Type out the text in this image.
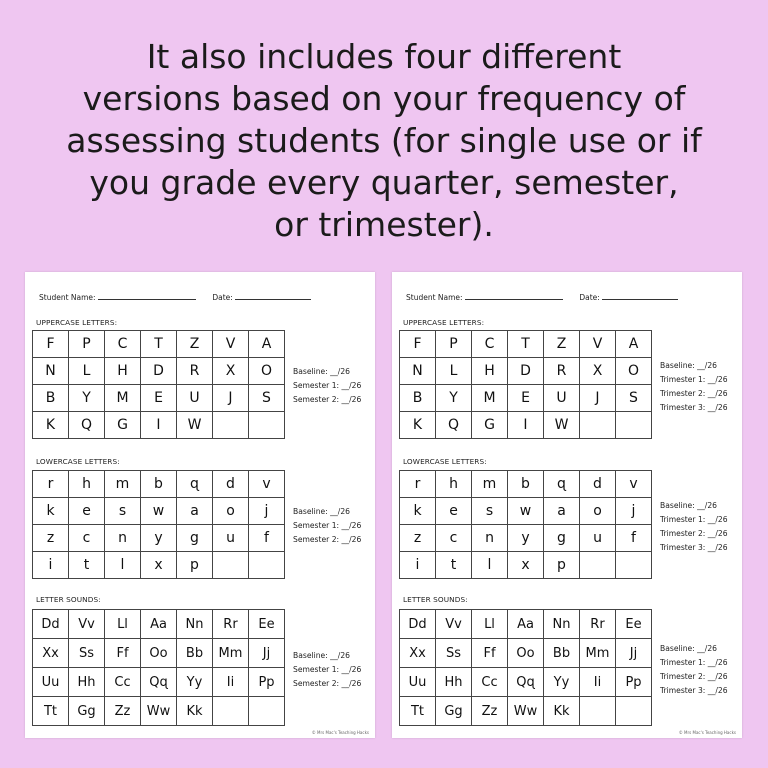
It also includes four different
versions based on your frequency of
assessing students (for single use or if
you grade every quarter, semester,
or trimester).
Student Name:	Date:
UPPERCASE LETTERS:
F	P	C	T	Z	V	A
N	L	H	D	R	X	O
B	Y	M	E	U	J	S
K	Q	G	I	W		
Baseline: __/26
Semester 1: __/26
Semester 2: __/26
LOWERCASE LETTERS:
r	h	m	b	ɋ	d	v
k	e	s	w	a	o	j
z	c	n	y	g	u	f
i	t	l	x	p		
Baseline: __/26
Semester 1: __/26
Semester 2: __/26
LETTER SOUNDS:
Dd	Vv	Ll	Aa	Nn	Rr	Ee
Xx	Ss	Ff	Oo	Bb	Mm	Jj
Uu	Hh	Cc	Qɋ	Yy	Ii	Pp
Tt	Gg	Zz	Ww	Kk		
Baseline: __/26
Semester 1: __/26
Semester 2: __/26
© Mrs Mac's Teaching Hacks
Student Name:	Date:
UPPERCASE LETTERS:
F	P	C	T	Z	V	A
N	L	H	D	R	X	O
B	Y	M	E	U	J	S
K	Q	G	I	W		
Baseline: __/26
Trimester 1: __/26
Trimester 2: __/26
Trimester 3: __/26
LOWERCASE LETTERS:
r	h	m	b	ɋ	d	v
k	e	s	w	a	o	j
z	c	n	y	g	u	f
i	t	l	x	p		
Baseline: __/26
Trimester 1: __/26
Trimester 2: __/26
Trimester 3: __/26
LETTER SOUNDS:
Dd	Vv	Ll	Aa	Nn	Rr	Ee
Xx	Ss	Ff	Oo	Bb	Mm	Jj
Uu	Hh	Cc	Qɋ	Yy	Ii	Pp
Tt	Gg	Zz	Ww	Kk		
Baseline: __/26
Trimester 1: __/26
Trimester 2: __/26
Trimester 3: __/26
© Mrs Mac's Teaching Hacks
